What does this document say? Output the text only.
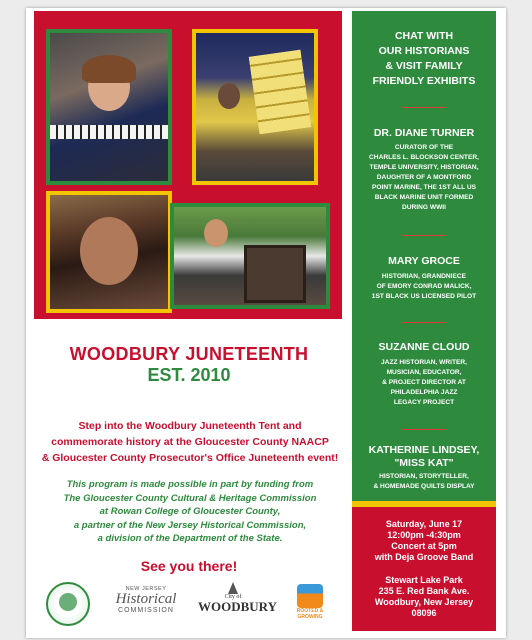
WOODBURY JUNETEENTH
EST. 2010
Step into the Woodbury Juneteenth Tent and
commemorate history at the Gloucester County NAACP
& Gloucester County Prosecutor's Office Juneteenth event!
This program is made possible in part by funding from
The Gloucester County Cultural & Heritage Commission
at Rowan College of Gloucester County,
a partner of the New Jersey Historical Commission,
a division of the Department of the State.
See you there!
NEW JERSEY
Historical
COMMISSION
City of
WOODBURY	ROOTED & GROWING
CHAT WITH
OUR HISTORIANS
& VISIT FAMILY
FRIENDLY EXHIBITS
DR. DIANE TURNER
CURATOR OF THE
CHARLES L. BLOCKSON CENTER,
TEMPLE UNIVERSITY, HISTORIAN,
DAUGHTER OF A MONTFORD
POINT MARINE, THE 1ST ALL US
BLACK MARINE UNIT FORMED
DURING WWII
MARY GROCE
HISTORIAN, GRANDNIECE
OF EMORY CONRAD MALICK,
1ST BLACK US LICENSED PILOT
SUZANNE CLOUD
JAZZ HISTORIAN, WRITER,
MUSICIAN, EDUCATOR,
& PROJECT DIRECTOR AT
PHILADELPHIA JAZZ
LEGACY PROJECT
KATHERINE LINDSEY,
"MISS KAT"
HISTORIAN, STORYTELLER,
& HOMEMADE QUILTS DISPLAY
Saturday, June 17
12:00pm -4:30pm
Concert at 5pm
with Deja Groove Band
Stewart Lake Park
235 E. Red Bank Ave.
Woodbury, New Jersey
08096
